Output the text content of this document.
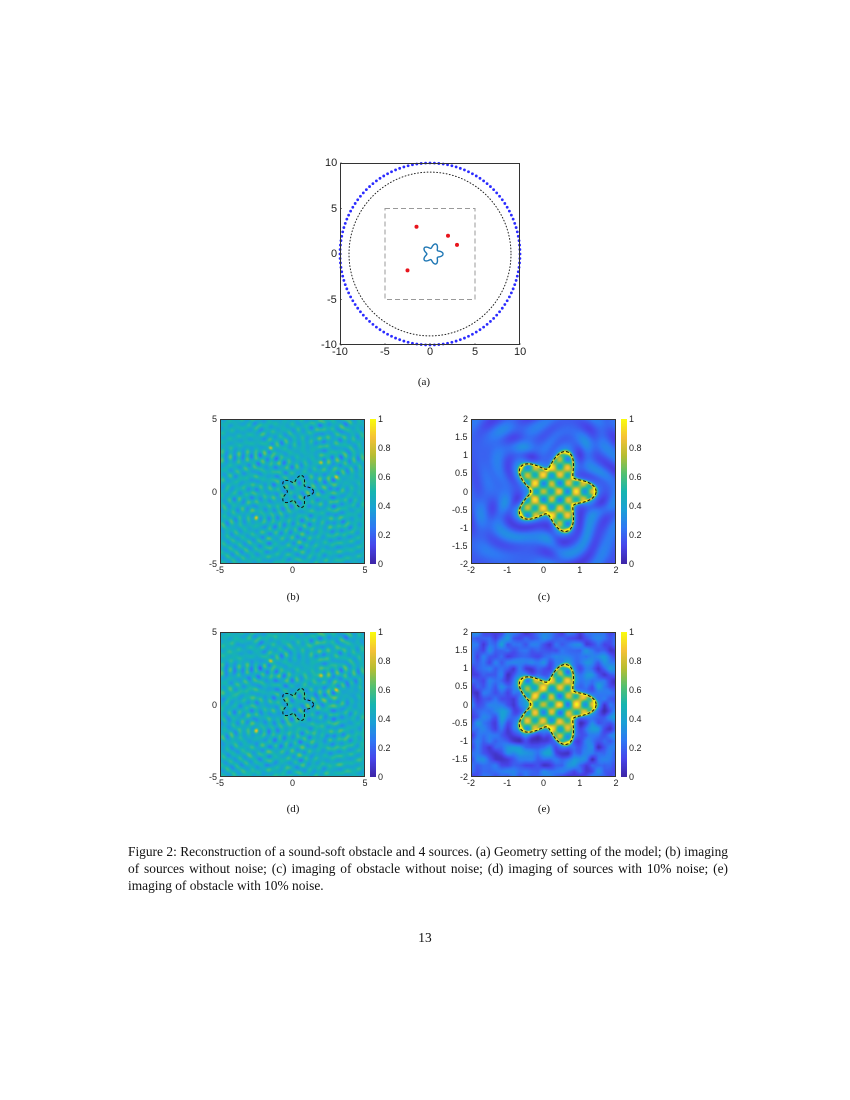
-10	-5	0	5	10
-10
-5
0
5
10
-5	0	5
-5
0
5
0
0.2
0.4
0.6
0.8
1
-2	-1	0	1	2
-2
-1.5
-1
-0.5
0
0.5
1
1.5
2
0
0.2
0.4
0.6
0.8
1
-5	0	5
-5
0
5
0
0.2
0.4
0.6
0.8
1
-2	-1	0	1	2
-2
-1.5
-1
-0.5
0
0.5
1
1.5
2
0
0.2
0.4
0.6
0.8
1
(a)
(b)	(c)
(d)	(e)
Figure 2: Reconstruction of a sound-soft obstacle and 4 sources. (a) Geometry setting of the model; (b) imaging of sources without noise; (c) imaging of obstacle without noise; (d) imaging of sources with 10% noise; (e) imaging of obstacle with 10% noise.
13
